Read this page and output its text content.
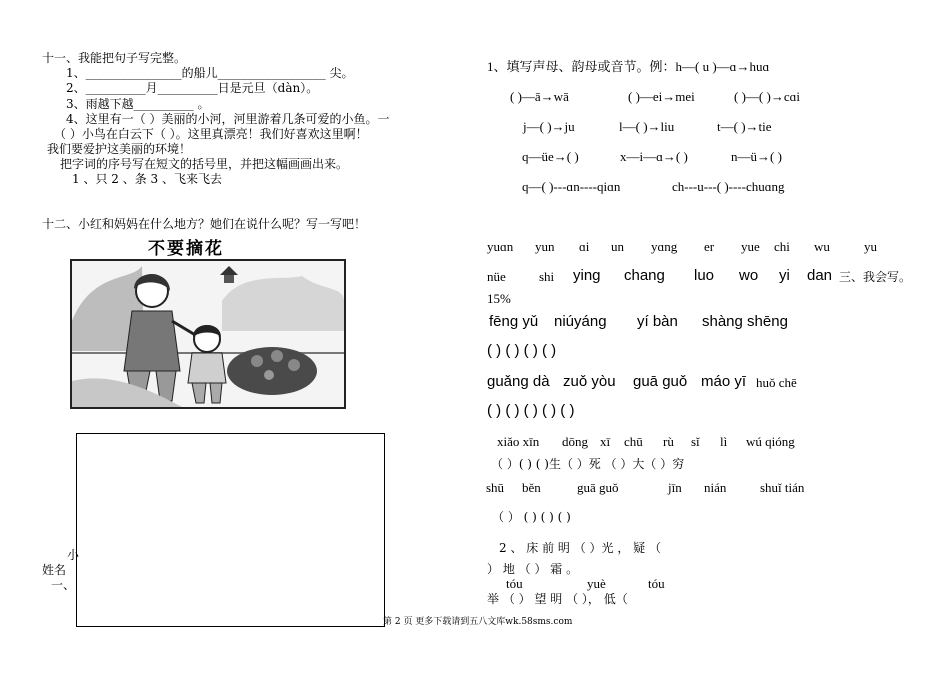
十一、我能把句子写完整。
1、________________的船儿__________________ 尖。
2、__________月__________日是元旦（dàn）。
3、雨越下越__________ 。
4、这里有一（ ）美丽的小河，河里游着几条可爱的小鱼。一
（ ）小鸟在白云下（ ）。这里真漂亮！我们好喜欢这里啊！
我们要爱护这美丽的环境！
把字词的序号写在短文的括号里，并把这幅画画出来。
1 、只 2 、条 3 、飞来飞去
十二、小红和妈妈在什么地方？她们在说什么呢？写一写吧！
不要摘花
小
姓名
一、
1、填写声母、韵母或音节。例：h—( u )—ɑ→huɑ
( )—ā→wā	( )—ei→mei	( )—( )→cɑi
j—( )→ju	l—( )→liu	t—( )→tie
q—üe→( )	x—i—ɑ→( )	n—ü→( )
q—( )---ɑn----qiɑn	ch---u---( )----chuɑng
yuɑn yun ɑi un yɑng er yue chi wu	yu
nüe	shi ying chang luo wo yi dan 三、我会写。
15%
fēng yǔ niúyáng yí bàn shàng shēng
( ) ( ) ( ) ( )
guǎng dà zuǒ yòu guā guǒ máo yī huǒ chē
( ) ( ) ( ) ( ) ( )
xiǎo xīn dōng xī chū rù sǐ lì wú qióng
（ ）( ) ( )生（ ）死 （ ）大（ ）穷
shū běn	guā guǒ	jīn nián	shuǐ tián
（ ） ( ) ( ) ( )
2 、 床 前 明 （ ）光 ， 疑 （
） 地 （ ） 霜 。
tóu	yuè	tóu
举 （ ） 望 明 （ ）， 低（
第 2 页 更多下载请到五八文库wk.58sms.com
